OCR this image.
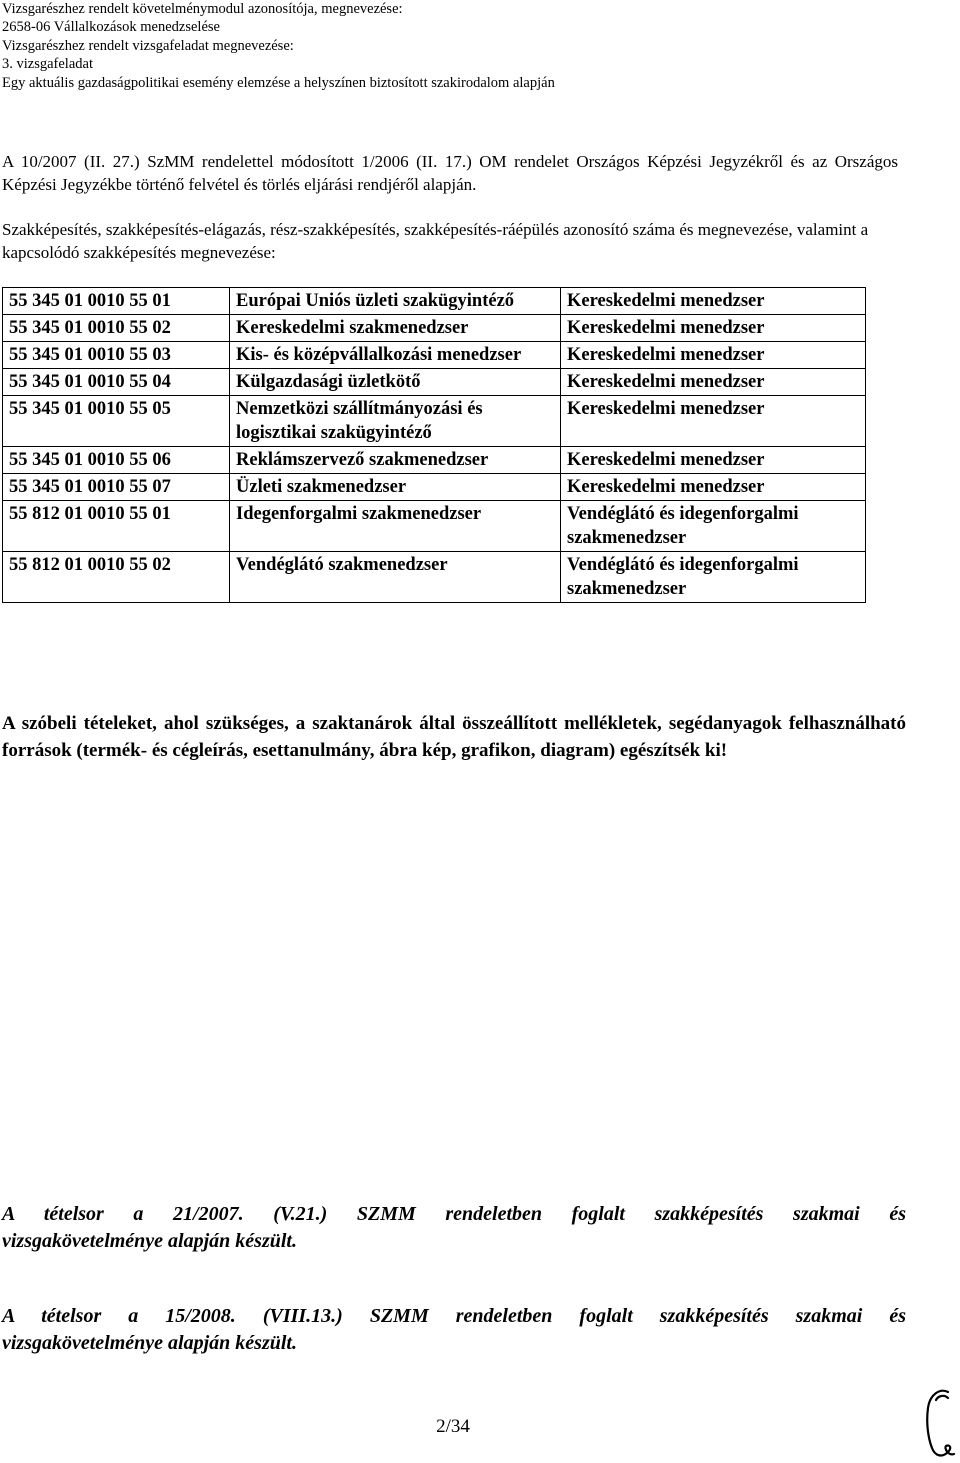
Vizsgarészhez rendelt követelménymodul azonosítója, megnevezése:
2658-06 Vállalkozások menedzselése
Vizsgarészhez rendelt vizsgafeladat megnevezése:
3. vizsgafeladat
Egy aktuális gazdaságpolitikai esemény elemzése a helyszínen biztosított szakirodalom alapján
A 10/2007 (II. 27.) SzMM rendelettel módosított 1/2006 (II. 17.) OM rendelet Országos Képzési Jegyzékről és az Országos Képzési Jegyzékbe történő felvétel és törlés eljárási rendjéről alapján.
Szakképesítés, szakképesítés-elágazás, rész-szakképesítés, szakképesítés-ráépülés azonosító száma és megnevezése, valamint a kapcsolódó szakképesítés megnevezése:
55 345 01 0010 55 01	Európai Uniós üzleti szakügyintéző	Kereskedelmi menedzser
55 345 01 0010 55 02	Kereskedelmi szakmenedzser	Kereskedelmi menedzser
55 345 01 0010 55 03	Kis- és középvállalkozási menedzser	Kereskedelmi menedzser
55 345 01 0010 55 04	Külgazdasági üzletkötő	Kereskedelmi menedzser
55 345 01 0010 55 05	Nemzetközi szállítmányozási és logisztikai szakügyintéző	Kereskedelmi menedzser
55 345 01 0010 55 06	Reklámszervező szakmenedzser	Kereskedelmi menedzser
55 345 01 0010 55 07	Üzleti szakmenedzser	Kereskedelmi menedzser
55 812 01 0010 55 01	Idegenforgalmi szakmenedzser	Vendéglátó és idegenforgalmi szakmenedzser
55 812 01 0010 55 02	Vendéglátó szakmenedzser	Vendéglátó és idegenforgalmi szakmenedzser
A szóbeli tételeket, ahol szükséges, a szaktanárok által összeállított mellékletek, segédanyagok felhasználható források (termék- és cégleírás, esettanulmány, ábra kép, grafikon, diagram) egészítsék ki!
A tételsor a 21/2007. (V.21.) SZMM rendeletben foglalt szakképesítés szakmai és
vizsgakövetelménye alapján készült.
A tételsor a 15/2008. (VIII.13.) SZMM rendeletben foglalt szakképesítés szakmai és
vizsgakövetelménye alapján készült.
2/34
